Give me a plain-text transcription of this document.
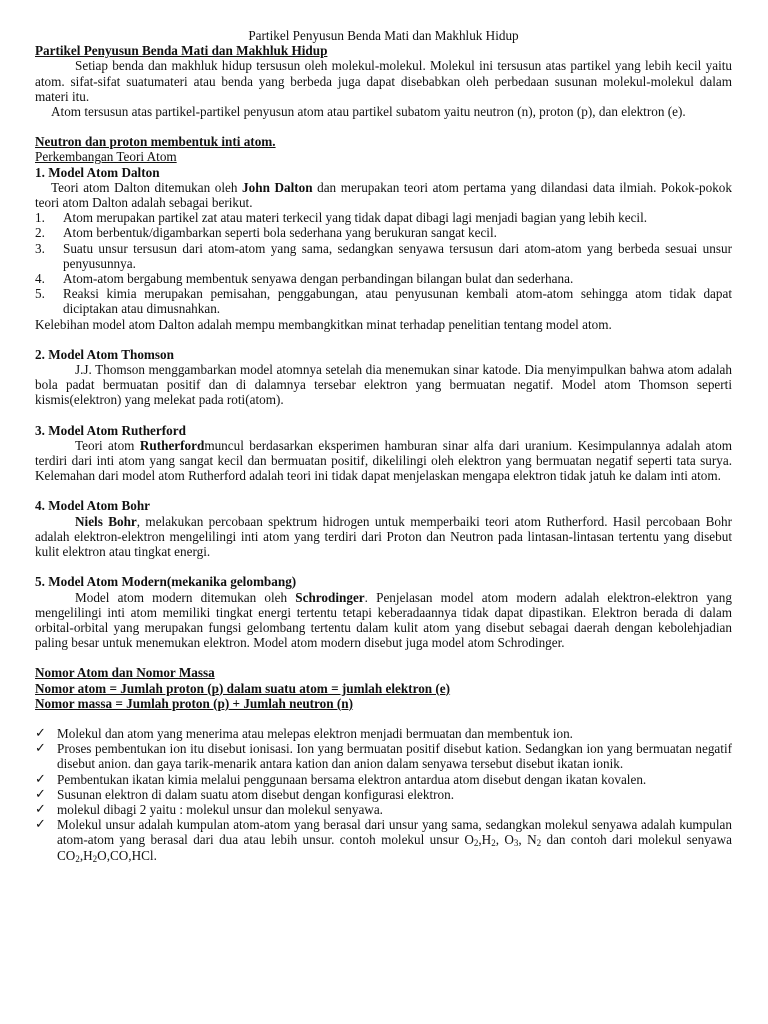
Partikel Penyusun Benda Mati dan Makhluk Hidup
Partikel Penyusun Benda Mati dan Makhluk Hidup

Setiap benda dan makhluk hidup tersusun oleh molekul-molekul. Molekul ini tersusun atas partikel yang lebih kecil yaitu atom. sifat-sifat suatumateri atau benda yang berbeda juga dapat disebabkan oleh perbedaan susunan molekul-molekul dalam materi itu.

Atom tersusun atas partikel-partikel penyusun atom atau partikel subatom yaitu neutron (n), proton (p), dan elektron (e).

Neutron dan proton membentuk inti atom.
Perkembangan Teori Atom
1. Model Atom Dalton

Teori atom Dalton ditemukan oleh John Dalton dan merupakan teori atom pertama yang dilandasi data ilmiah. Pokok-pokok teori atom Dalton adalah sebagai berikut.

1. Atom merupakan partikel zat atau materi terkecil yang tidak dapat dibagi lagi menjadi bagian yang lebih kecil.
2. Atom berbentuk/digambarkan seperti bola sederhana yang berukuran sangat kecil.
3. Suatu unsur tersusun dari atom-atom yang sama, sedangkan senyawa tersusun dari atom-atom yang berbeda sesuai unsur penyusunnya.
4. Atom-atom bergabung membentuk senyawa dengan perbandingan bilangan bulat dan sederhana.
5. Reaksi kimia merupakan pemisahan, penggabungan, atau penyusunan kembali atom-atom sehingga atom tidak dapat diciptakan atau dimusnahkan.

Kelebihan model atom Dalton adalah mempu membangkitkan minat terhadap penelitian tentang model atom.

2. Model Atom Thomson

J.J. Thomson menggambarkan model atomnya setelah dia menemukan sinar katode. Dia menyimpulkan bahwa atom adalah bola padat bermuatan positif dan di dalamnya tersebar elektron yang bermuatan negatif. Model atom Thomson seperti kismis(elektron) yang melekat pada roti(atom).

3. Model Atom Rutherford

Teori atom Rutherfordmuncul berdasarkan eksperimen hamburan sinar alfa dari uranium. Kesimpulannya adalah atom terdiri dari inti atom yang sangat kecil dan bermuatan positif, dikelilingi oleh elektron yang bermuatan negatif seperti tata surya. Kelemahan dari model atom Rutherford adalah teori ini tidak dapat menjelaskan mengapa elektron tidak jatuh ke dalam inti atom.

4. Model Atom Bohr

Niels Bohr, melakukan percobaan spektrum hidrogen untuk memperbaiki teori atom Rutherford. Hasil percobaan Bohr adalah elektron-elektron mengelilingi inti atom yang terdiri dari Proton dan Neutron pada lintasan-lintasan tertentu yang disebut kulit elektron atau tingkat energi.

5. Model Atom Modern(mekanika gelombang)

Model atom modern ditemukan oleh Schrodinger. Penjelasan model atom modern adalah elektron-elektron yang mengelilingi inti atom memiliki tingkat energi tertentu tetapi keberadaannya tidak dapat dipastikan. Elektron berada di dalam orbital-orbital yang merupakan fungsi gelombang tertentu dalam kulit atom yang disebut sebagai daerah dengan kebolehjadian paling besar untuk menemukan elektron. Model atom modern disebut juga model atom Schrodinger.

Nomor Atom dan Nomor Massa
Nomor atom = Jumlah proton (p) dalam suatu atom = jumlah elektron (e)
Nomor massa = Jumlah proton (p) + Jumlah neutron (n)
✓ Molekul dan atom yang menerima atau melepas elektron menjadi bermuatan dan membentuk ion.
✓ Proses pembentukan ion itu disebut ionisasi. Ion yang bermuatan positif disebut kation. Sedangkan ion yang bermuatan negatif disebut anion. dan gaya tarik-menarik antara kation dan anion dalam senyawa tersebut disebut ikatan ionik.
✓ Pembentukan ikatan kimia melalui penggunaan bersama elektron antardua atom disebut dengan ikatan kovalen.
✓ Susunan elektron di dalam suatu atom disebut dengan konfigurasi elektron.
✓ molekul dibagi 2 yaitu : molekul unsur dan molekul senyawa.
✓ Molekul unsur adalah kumpulan atom-atom yang berasal dari unsur yang sama, sedangkan molekul senyawa adalah kumpulan atom-atom yang berasal dari dua atau lebih unsur. contoh molekul unsur $O_2,H_2$, $O_3$, $N_2$ dan contoh dari molekul senyawa $CO_2,H_2O,CO,HCl$.
